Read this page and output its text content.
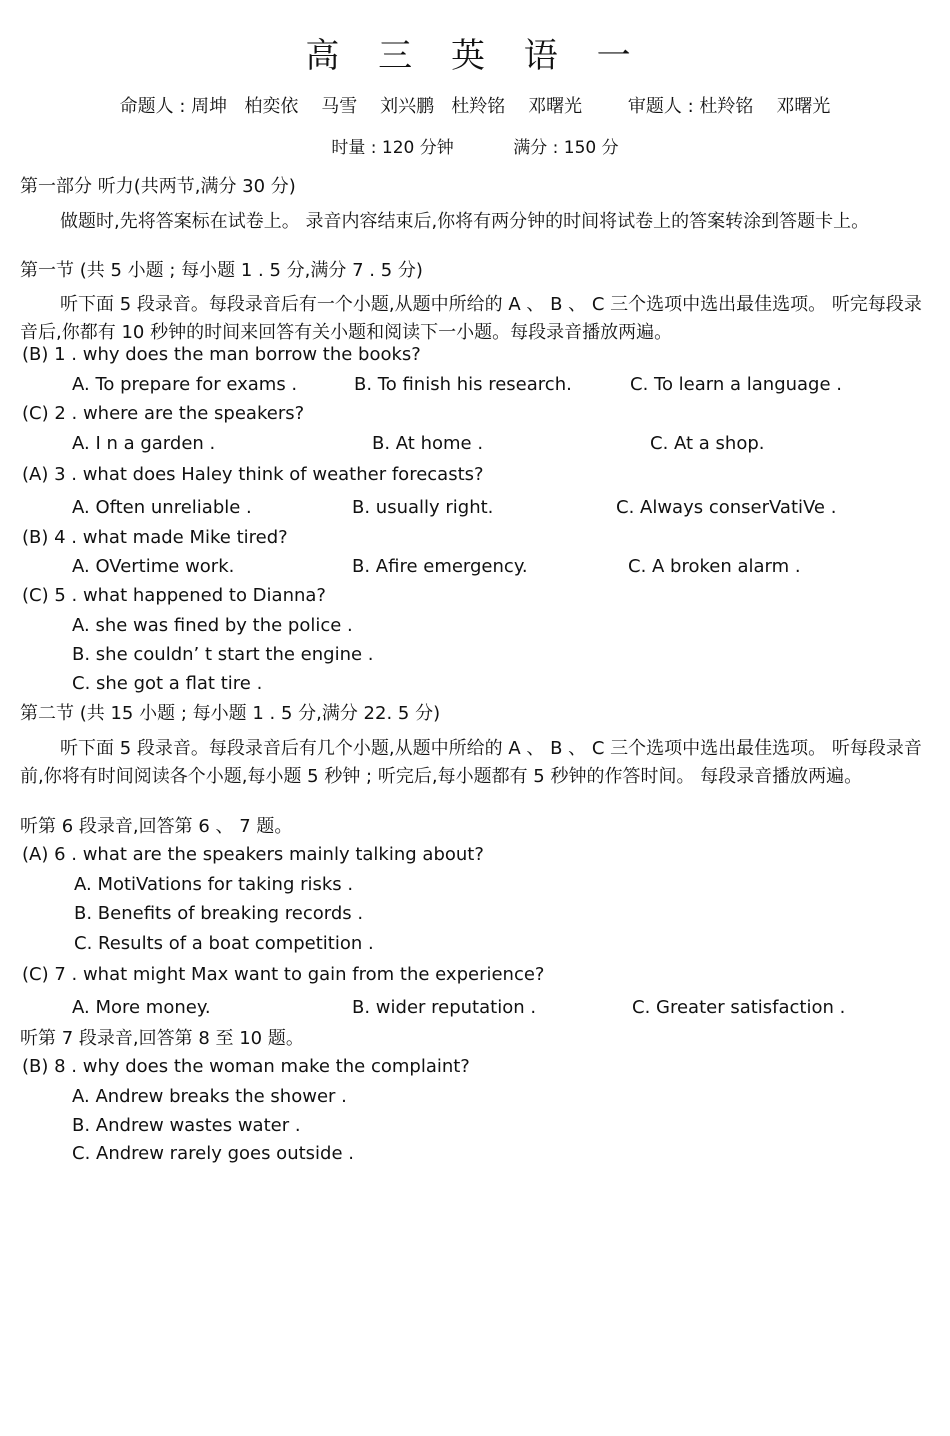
高 三 英 语 一
命题人 : 周坤   柏奕依    马雪    刘兴鹏   杜羚铭    邓曙光        审题人 : 杜羚铭    邓曙光
时量 : 120 分钟           满分 : 150 分
第一部分 听力(共两节,满分 30 分)
做题时,先将答案标在试卷上。 录音内容结束后,你将有两分钟的时间将试卷上的答案转涂到答题卡上。
第一节 (共 5 小题 ; 每小题 1 . 5 分,满分 7 . 5 分)
听下面 5 段录音。每段录音后有一个小题,从题中所给的 A 、 B 、 C 三个选项中选出最佳选项。 听完每段录音后,你都有 10 秒钟的时间来回答有关小题和阅读下一小题。每段录音播放两遍。
(B) 1 . why does the man borrow the books?
A. To prepare for exams .	B. To finish his research.	C. To learn a language .
(C) 2 . where are the speakers?
A. I n a garden .	B. At home .	C. At a shop.
(A) 3 . what does Haley think of weather forecasts?
A. Often unreliable .	B. usually right.	C. Always conserVatiVe .
(B) 4 . what made Mike tired?
A. OVertime work.	B. Afire emergency.	C. A broken alarm .
(C) 5 . what happened to Dianna?
A. she was fined by the police .
B. she couldn’ t start the engine .
C. she got a flat tire .
第二节 (共 15 小题 ; 每小题 1 . 5 分,满分 22. 5 分)
听下面 5 段录音。每段录音后有几个小题,从题中所给的 A 、 B 、 C 三个选项中选出最佳选项。 听每段录音前,你将有时间阅读各个小题,每小题 5 秒钟 ; 听完后,每小题都有 5 秒钟的作答时间。 每段录音播放两遍。
听第 6 段录音,回答第 6 、 7 题。
(A) 6 . what are the speakers mainly talking about?
A. MotiVations for taking risks .
B. Benefits of breaking records .
C. Results of a boat competition .
(C) 7 . what might Max want to gain from the experience?
A. More money.	B. wider reputation .	C. Greater satisfaction .
听第 7 段录音,回答第 8 至 10 题。
(B) 8 . why does the woman make the complaint?
A. Andrew breaks the shower .
B. Andrew wastes water .
C. Andrew rarely goes outside .
